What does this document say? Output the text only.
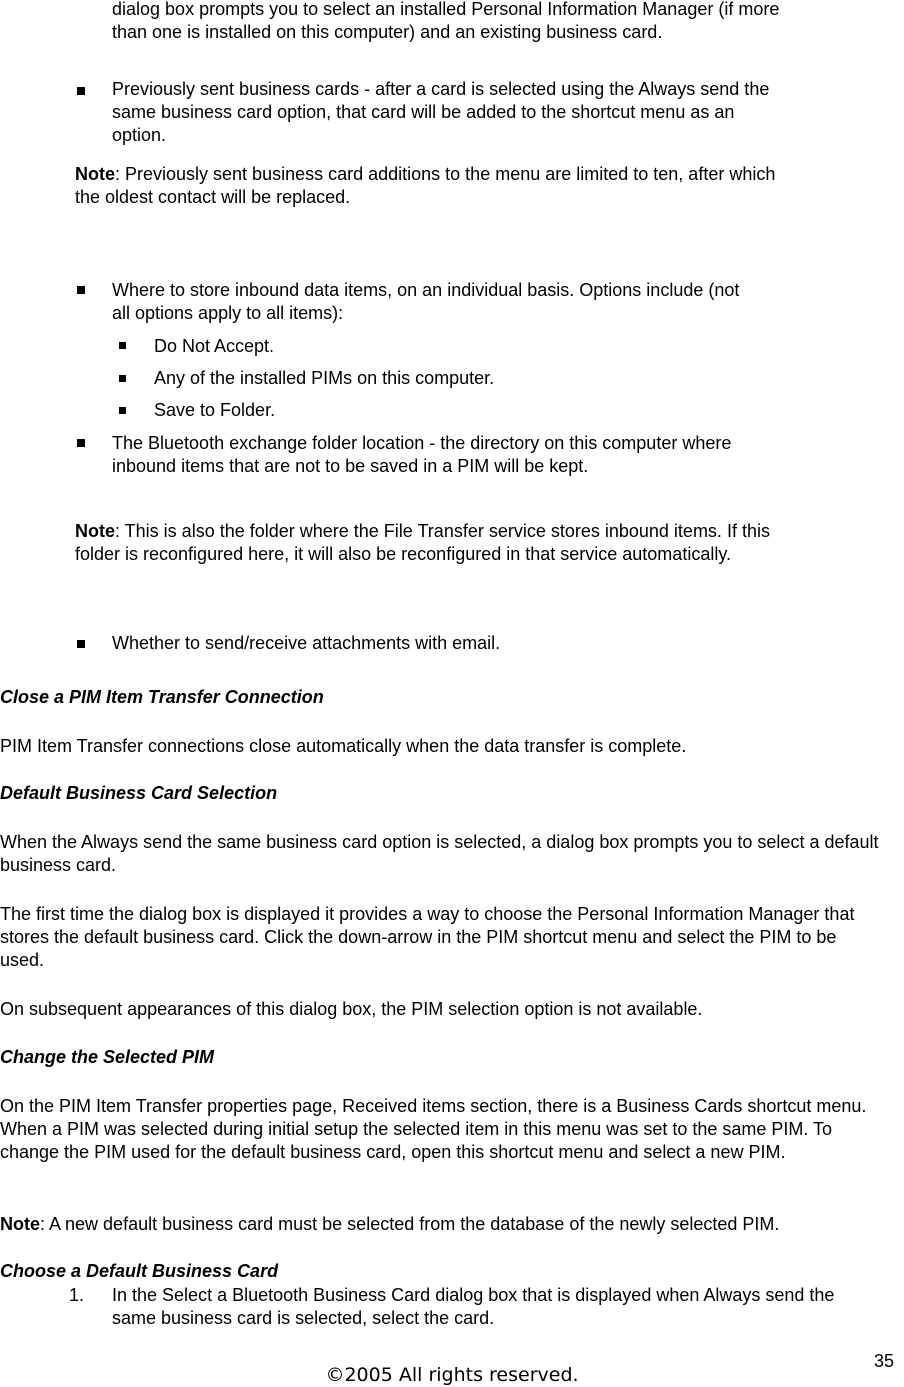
dialog box prompts you to select an installed Personal Information Manager (if more than one is installed on this computer) and an existing business card.
Previously sent business cards - after a card is selected using the Always send the same business card option, that card will be added to the shortcut menu as an option.
Note: Previously sent business card additions to the menu are limited to ten, after which the oldest contact will be replaced.
Where to store inbound data items, on an individual basis. Options include (not all options apply to all items):
Do Not Accept.
Any of the installed PIMs on this computer.
Save to Folder.
The Bluetooth exchange folder location - the directory on this computer where inbound items that are not to be saved in a PIM will be kept.
Note: This is also the folder where the File Transfer service stores inbound items. If this folder is reconfigured here, it will also be reconfigured in that service automatically.
Whether to send/receive attachments with email.
Close a PIM Item Transfer Connection
PIM Item Transfer connections close automatically when the data transfer is complete.
Default Business Card Selection
When the Always send the same business card option is selected, a dialog box prompts you to select a default business card.
The first time the dialog box is displayed it provides a way to choose the Personal Information Manager that stores the default business card. Click the down-arrow in the PIM shortcut menu and select the PIM to be used.
On subsequent appearances of this dialog box, the PIM selection option is not available.
Change the Selected PIM
On the PIM Item Transfer properties page, Received items section, there is a Business Cards shortcut menu. When a PIM was selected during initial setup the selected item in this menu was set to the same PIM. To change the PIM used for the default business card, open this shortcut menu and select a new PIM.
Note: A new default business card must be selected from the database of the newly selected PIM.
Choose a Default Business Card
1. In the Select a Bluetooth Business Card dialog box that is displayed when Always send the same business card is selected, select the card.
©2005 All rights reserved.
35
